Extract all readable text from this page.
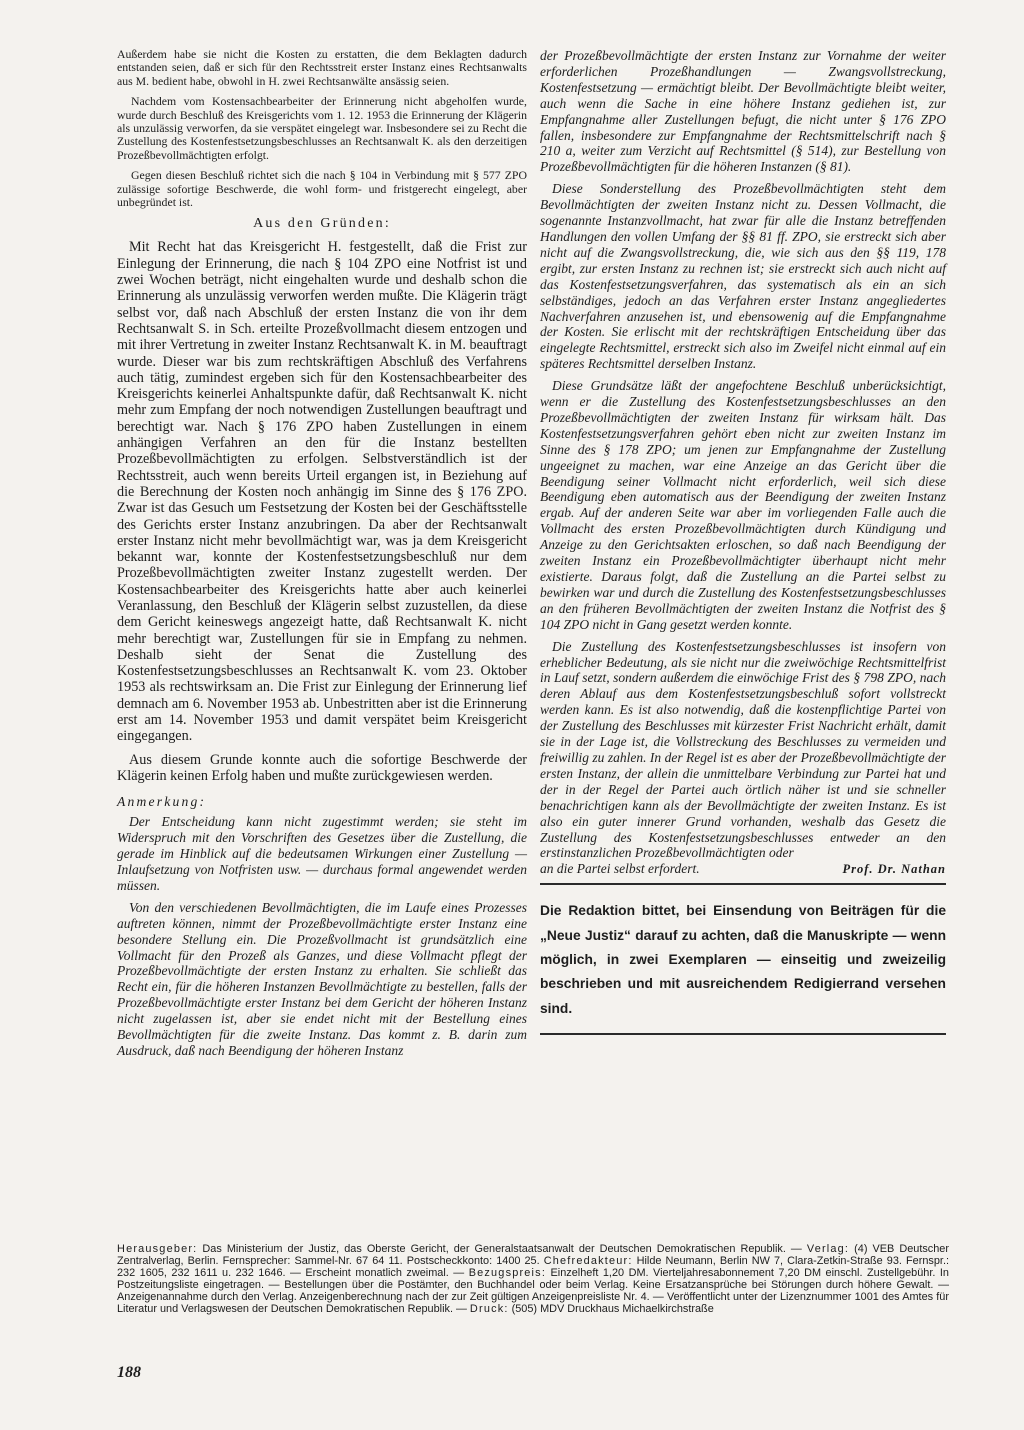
Außerdem habe sie nicht die Kosten zu erstatten, die dem Beklagten dadurch entstanden seien, daß er sich für den Rechtsstreit erster Instanz eines Rechtsanwalts aus M. bedient habe, obwohl in H. zwei Rechtsanwälte ansässig seien.

Nachdem vom Kostensachbearbeiter der Erinnerung nicht abgeholfen wurde, wurde durch Beschluß des Kreisgerichts vom 1. 12. 1953 die Erinnerung der Klägerin als unzulässig verworfen, da sie verspätet eingelegt war. Insbesondere sei zu Recht die Zustellung des Kostenfestsetzungsbeschlusses an Rechtsanwalt K. als den derzeitigen Prozeßbevollmächtigten erfolgt.

Gegen diesen Beschluß richtet sich die nach § 104 in Verbindung mit § 577 ZPO zulässige sofortige Beschwerde, die wohl form- und fristgerecht eingelegt, aber unbegründet ist.

Aus den Gründen:

Mit Recht hat das Kreisgericht H. festgestellt, daß die Frist zur Einlegung der Erinnerung, die nach § 104 ZPO eine Notfrist ist und zwei Wochen beträgt, nicht eingehalten wurde und deshalb schon die Erinnerung als unzulässig verworfen werden mußte. Die Klägerin trägt selbst vor, daß nach Abschluß der ersten Instanz die von ihr dem Rechtsanwalt S. in Sch. erteilte Prozeßvollmacht diesem entzogen und mit ihrer Vertretung in zweiter Instanz Rechtsanwalt K. in M. beauftragt wurde. Dieser war bis zum rechtskräftigen Abschluß des Verfahrens auch tätig, zumindest ergeben sich für den Kostensachbearbeiter des Kreisgerichts keinerlei Anhaltspunkte dafür, daß Rechtsanwalt K. nicht mehr zum Empfang der noch notwendigen Zustellungen beauftragt und berechtigt war. Nach § 176 ZPO haben Zustellungen in einem anhängigen Verfahren an den für die Instanz bestellten Prozeßbevollmächtigten zu erfolgen. Selbstverständlich ist der Rechtsstreit, auch wenn bereits Urteil ergangen ist, in Beziehung auf die Berechnung der Kosten noch anhängig im Sinne des § 176 ZPO. Zwar ist das Gesuch um Festsetzung der Kosten bei der Geschäftsstelle des Gerichts erster Instanz anzubringen. Da aber der Rechtsanwalt erster Instanz nicht mehr bevollmächtigt war, was ja dem Kreisgericht bekannt war, konnte der Kostenfestsetzungsbeschluß nur dem Prozeßbevollmächtigten zweiter Instanz zugestellt werden. Der Kostensachbearbeiter des Kreisgerichts hatte aber auch keinerlei Veranlassung, den Beschluß der Klägerin selbst zuzustellen, da diese dem Gericht keineswegs angezeigt hatte, daß Rechtsanwalt K. nicht mehr berechtigt war, Zustellungen für sie in Empfang zu nehmen. Deshalb sieht der Senat die Zustellung des Kostenfestsetzungsbeschlusses an Rechtsanwalt K. vom 23. Oktober 1953 als rechtswirksam an. Die Frist zur Einlegung der Erinnerung lief demnach am 6. November 1953 ab. Unbestritten aber ist die Erinnerung erst am 14. November 1953 und damit verspätet beim Kreisgericht eingegangen.

Aus diesem Grunde konnte auch die sofortige Beschwerde der Klägerin keinen Erfolg haben und mußte zurückgewiesen werden.

Anmerkung:

Der Entscheidung kann nicht zugestimmt werden; sie steht im Widerspruch mit den Vorschriften des Gesetzes über die Zustellung, die gerade im Hinblick auf die bedeutsamen Wirkungen einer Zustellung — Inlaufsetzung von Notfristen usw. — durchaus formal angewendet werden müssen.

Von den verschiedenen Bevollmächtigten, die im Laufe eines Prozesses auftreten können, nimmt der Prozeßbevollmächtigte erster Instanz eine besondere Stellung ein. Die Prozeßvollmacht ist grundsätzlich eine Vollmacht für den Prozeß als Ganzes, und diese Vollmacht pflegt der Prozeßbevollmächtigte der ersten Instanz zu erhalten. Sie schließt das Recht ein, für die höheren Instanzen Bevollmächtigte zu bestellen, falls der Prozeßbevollmächtigte erster Instanz bei dem Gericht der höheren Instanz nicht zugelassen ist, aber sie endet nicht mit der Bestellung eines Bevollmächtigten für die zweite Instanz. Das kommt z. B. darin zum Ausdruck, daß nach Beendigung der höheren Instanz

der Prozeßbevollmächtigte der ersten Instanz zur Vornahme der weiter erforderlichen Prozeßhandlungen — Zwangsvollstreckung, Kostenfestsetzung — ermächtigt bleibt. Der Bevollmächtigte bleibt weiter, auch wenn die Sache in eine höhere Instanz gediehen ist, zur Empfangnahme aller Zustellungen befugt, die nicht unter § 176 ZPO fallen, insbesondere zur Empfangnahme der Rechtsmittelschrift nach § 210 a, weiter zum Verzicht auf Rechtsmittel (§ 514), zur Bestellung von Prozeßbevollmächtigten für die höheren Instanzen (§ 81).

Diese Sonderstellung des Prozeßbevollmächtigten steht dem Bevollmächtigten der zweiten Instanz nicht zu. Dessen Vollmacht, die sogenannte Instanzvollmacht, hat zwar für alle die Instanz betreffenden Handlungen den vollen Umfang der §§ 81 ff. ZPO, sie erstreckt sich aber nicht auf die Zwangsvollstreckung, die, wie sich aus den §§ 119, 178 ergibt, zur ersten Instanz zu rechnen ist; sie erstreckt sich auch nicht auf das Kostenfestsetzungsverfahren, das systematisch als ein an sich selbständiges, jedoch an das Verfahren erster Instanz angegliedertes Nachverfahren anzusehen ist, und ebensowenig auf die Empfangnahme der Kosten. Sie erlischt mit der rechtskräftigen Entscheidung über das eingelegte Rechtsmittel, erstreckt sich also im Zweifel nicht einmal auf ein späteres Rechtsmittel derselben Instanz.

Diese Grundsätze läßt der angefochtene Beschluß unberücksichtigt, wenn er die Zustellung des Kostenfestsetzungsbeschlusses an den Prozeßbevollmächtigten der zweiten Instanz für wirksam hält. Das Kostenfestsetzungsverfahren gehört eben nicht zur zweiten Instanz im Sinne des § 178 ZPO; um jenen zur Empfangnahme der Zustellung ungeeignet zu machen, war eine Anzeige an das Gericht über die Beendigung seiner Vollmacht nicht erforderlich, weil sich diese Beendigung eben automatisch aus der Beendigung der zweiten Instanz ergab. Auf der anderen Seite war aber im vorliegenden Falle auch die Vollmacht des ersten Prozeßbevollmächtigten durch Kündigung und Anzeige zu den Gerichtsakten erloschen, so daß nach Beendigung der zweiten Instanz ein Prozeßbevollmächtigter überhaupt nicht mehr existierte. Daraus folgt, daß die Zustellung an die Partei selbst zu bewirken war und durch die Zustellung des Kostenfestsetzungsbeschlusses an den früheren Bevollmächtigten der zweiten Instanz die Notfrist des § 104 ZPO nicht in Gang gesetzt werden konnte.

Die Zustellung des Kostenfestsetzungsbeschlusses ist insofern von erheblicher Bedeutung, als sie nicht nur die zweiwöchige Rechtsmittelfrist in Lauf setzt, sondern außerdem die einwöchige Frist des § 798 ZPO, nach deren Ablauf aus dem Kostenfestsetzungsbeschluß sofort vollstreckt werden kann. Es ist also notwendig, daß die kostenpflichtige Partei von der Zustellung des Beschlusses mit kürzester Frist Nachricht erhält, damit sie in der Lage ist, die Vollstreckung des Beschlusses zu vermeiden und freiwillig zu zahlen. In der Regel ist es aber der Prozeßbevollmächtigte der ersten Instanz, der allein die unmittelbare Verbindung zur Partei hat und der in der Regel der Partei auch örtlich näher ist und sie schneller benachrichtigen kann als der Bevollmächtigte der zweiten Instanz. Es ist also ein guter innerer Grund vorhanden, weshalb das Gesetz die Zustellung des Kostenfestsetzungsbeschlusses entweder an den erstinstanzlichen Prozeßbevollmächtigten oder

an die Partei selbst erfordert.	Prof. Dr. Nathan
Die Redaktion bittet, bei Einsendung von Beiträgen für die „Neue Justiz“ darauf zu achten, daß die Manuskripte — wenn möglich, in zwei Exemplaren — einseitig und zweizeilig beschrieben und mit ausreichendem Redigierrand versehen sind.
Herausgeber: Das Ministerium der Justiz, das Oberste Gericht, der Generalstaatsanwalt der Deutschen Demokratischen Republik. — Verlag: (4) VEB Deutscher Zentralverlag, Berlin. Fernsprecher: Sammel-Nr. 67 64 11. Postscheckkonto: 1400 25. Chefredakteur: Hilde Neumann, Berlin NW 7, Clara-Zetkin-Straße 93. Fernspr.: 232 1605, 232 1611 u. 232 1646. — Erscheint monatlich zweimal. — Bezugspreis: Einzelheft 1,20 DM. Vierteljahresabonnement 7,20 DM einschl. Zustellgebühr. In Postzeitungsliste eingetragen. — Bestellungen über die Postämter, den Buchhandel oder beim Verlag. Keine Ersatzansprüche bei Störungen durch höhere Gewalt. — Anzeigenannahme durch den Verlag. Anzeigenberechnung nach der zur Zeit gültigen Anzeigenpreisliste Nr. 4. — Veröffentlicht unter der Lizenznummer 1001 des Amtes für Literatur und Verlagswesen der Deutschen Demokratischen Republik. — Druck: (505) MDV Druckhaus Michaelkirchstraße
188
